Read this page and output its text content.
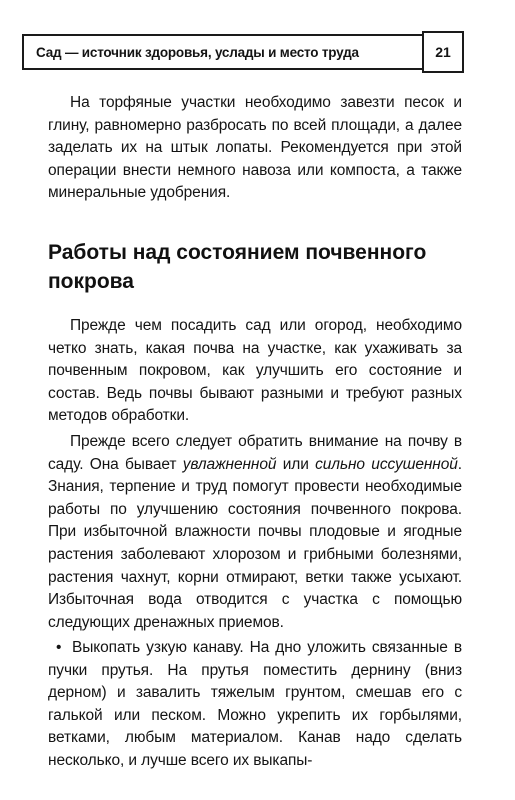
Сад — источник здоровья, услады и место труда	21

На торфяные участки необходимо завезти песок и глину, равномерно разбросать по всей площади, а далее заделать их на штык лопаты. Рекомендуется при этой операции внести немного навоза или компоста, а также минеральные удобрения.

Работы над состоянием почвенного покрова

Прежде чем посадить сад или огород, необходимо четко знать, какая почва на участке, как ухаживать за почвенным покровом, как улучшить его состояние и состав. Ведь почвы бывают разными и требуют разных методов обработки.

Прежде всего следует обратить внимание на почву в саду. Она бывает увлажненной или сильно иссушенной. Знания, терпение и труд помогут провести необходимые работы по улучшению состояния почвенного покрова. При избыточной влажности почвы плодовые и ягодные растения заболевают хлорозом и грибными болезнями, растения чахнут, корни отмирают, ветки также усыхают. Избыточная вода отводится с участка с помощью следующих дренажных приемов.

• Выкопать узкую канаву. На дно уложить связанные в пучки прутья. На прутья поместить дернину (вниз дерном) и завалить тяжелым грунтом, смешав его с галькой или песком. Можно укрепить их горбылями, ветками, любым материалом. Канав надо сделать несколько, и лучше всего их выкапы-
